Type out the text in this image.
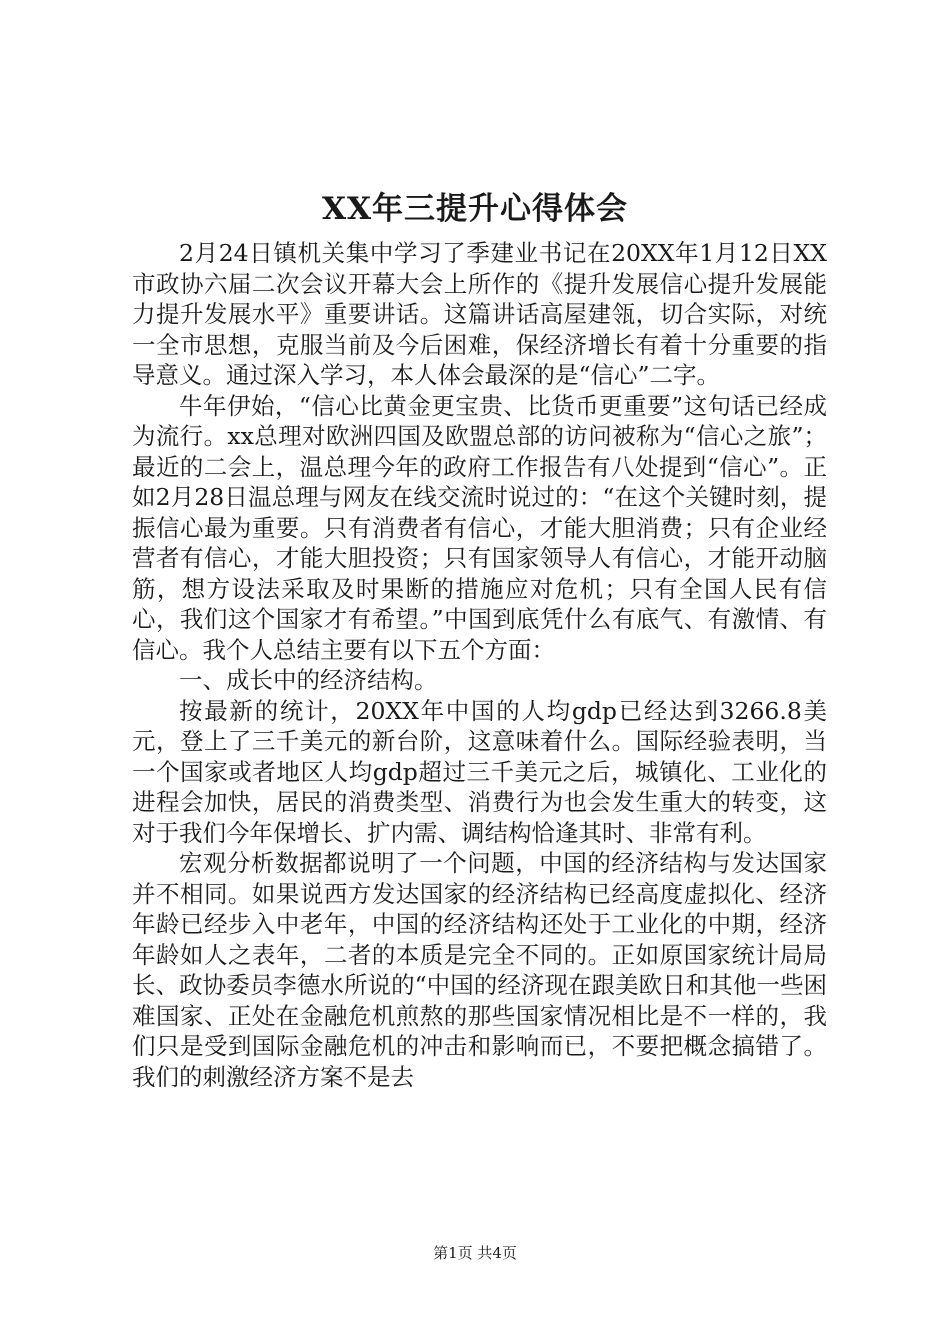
XX年三提升心得体会

2月24日镇机关集中学习了季建业书记在20XX年1月12日XX市政协六届二次会议开幕大会上所作的《提升发展信心提升发展能力提升发展水平》重要讲话。这篇讲话高屋建瓴，切合实际，对统一全市思想，克服当前及今后困难，保经济增长有着十分重要的指导意义。通过深入学习，本人体会最深的是“信心”二字。

牛年伊始，“信心比黄金更宝贵、比货币更重要”这句话已经成为流行。xx总理对欧洲四国及欧盟总部的访问被称为“信心之旅”；最近的二会上，温总理今年的政府工作报告有八处提到“信心”。正如2月28日温总理与网友在线交流时说过的：“在这个关键时刻，提振信心最为重要。只有消费者有信心，才能大胆消费；只有企业经营者有信心，才能大胆投资；只有国家领导人有信心，才能开动脑筋，想方设法采取及时果断的措施应对危机；只有全国人民有信心，我们这个国家才有希望。”中国到底凭什么有底气、有激情、有信心。我个人总结主要有以下五个方面：

一、成长中的经济结构。

按最新的统计，20XX年中国的人均gdp已经达到3266.8美元，登上了三千美元的新台阶，这意味着什么。国际经验表明，当一个国家或者地区人均gdp超过三千美元之后，城镇化、工业化的进程会加快，居民的消费类型、消费行为也会发生重大的转变，这对于我们今年保增长、扩内需、调结构恰逢其时、非常有利。

宏观分析数据都说明了一个问题，中国的经济结构与发达国家并不相同。如果说西方发达国家的经济结构已经高度虚拟化、经济年龄已经步入中老年，中国的经济结构还处于工业化的中期，经济年龄如人之表年，二者的本质是完全不同的。正如原国家统计局局长、政协委员李德水所说的“中国的经济现在跟美欧日和其他一些困难国家、正处在金融危机煎熬的那些国家情况相比是不一样的，我们只是受到国际金融危机的冲击和影响而已，不要把概念搞错了。我们的刺激经济方案不是去

第1页 共4页
